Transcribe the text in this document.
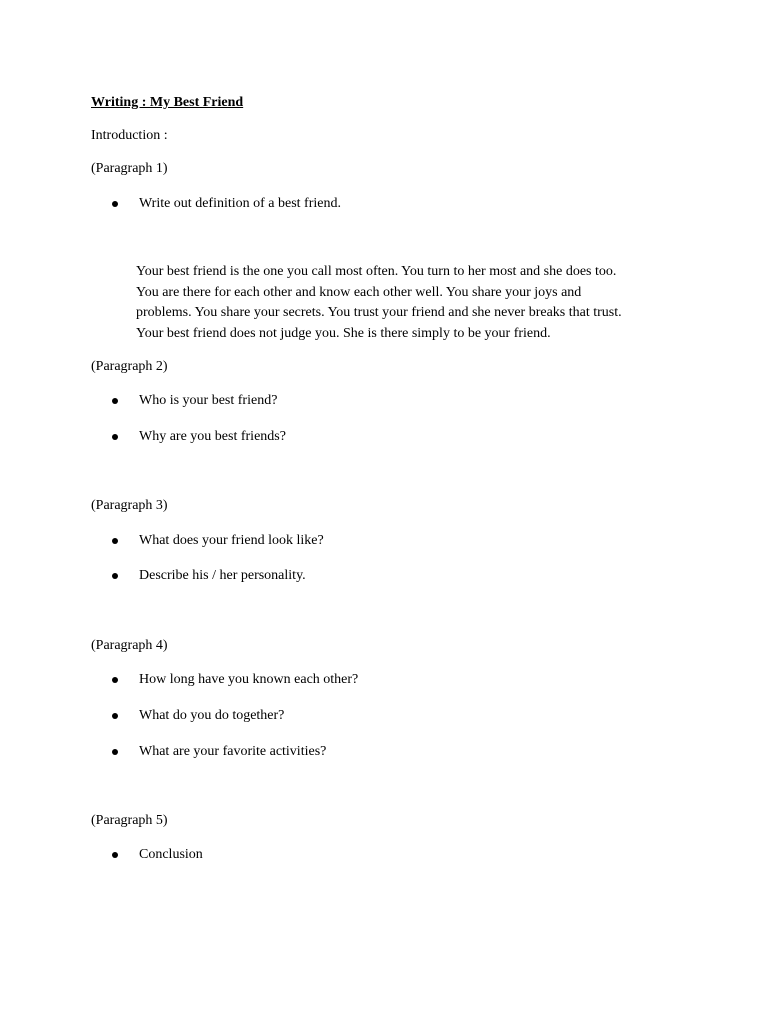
Writing : My Best Friend
Introduction :
(Paragraph 1)
Write out definition of a best friend.
Your best friend is the one you call most often. You turn to her most and she does too.
You are there for each other and know each other well. You share your joys and
problems. You share your secrets. You trust your friend and she never breaks that trust.
Your best friend does not judge you. She is there simply to be your friend.
(Paragraph 2)
Who is your best friend?
Why are you best friends?
(Paragraph 3)
What does your friend look like?
Describe his / her personality.
(Paragraph 4)
How long have you known each other?
What do you do together?
What are your favorite activities?
(Paragraph 5)
Conclusion
